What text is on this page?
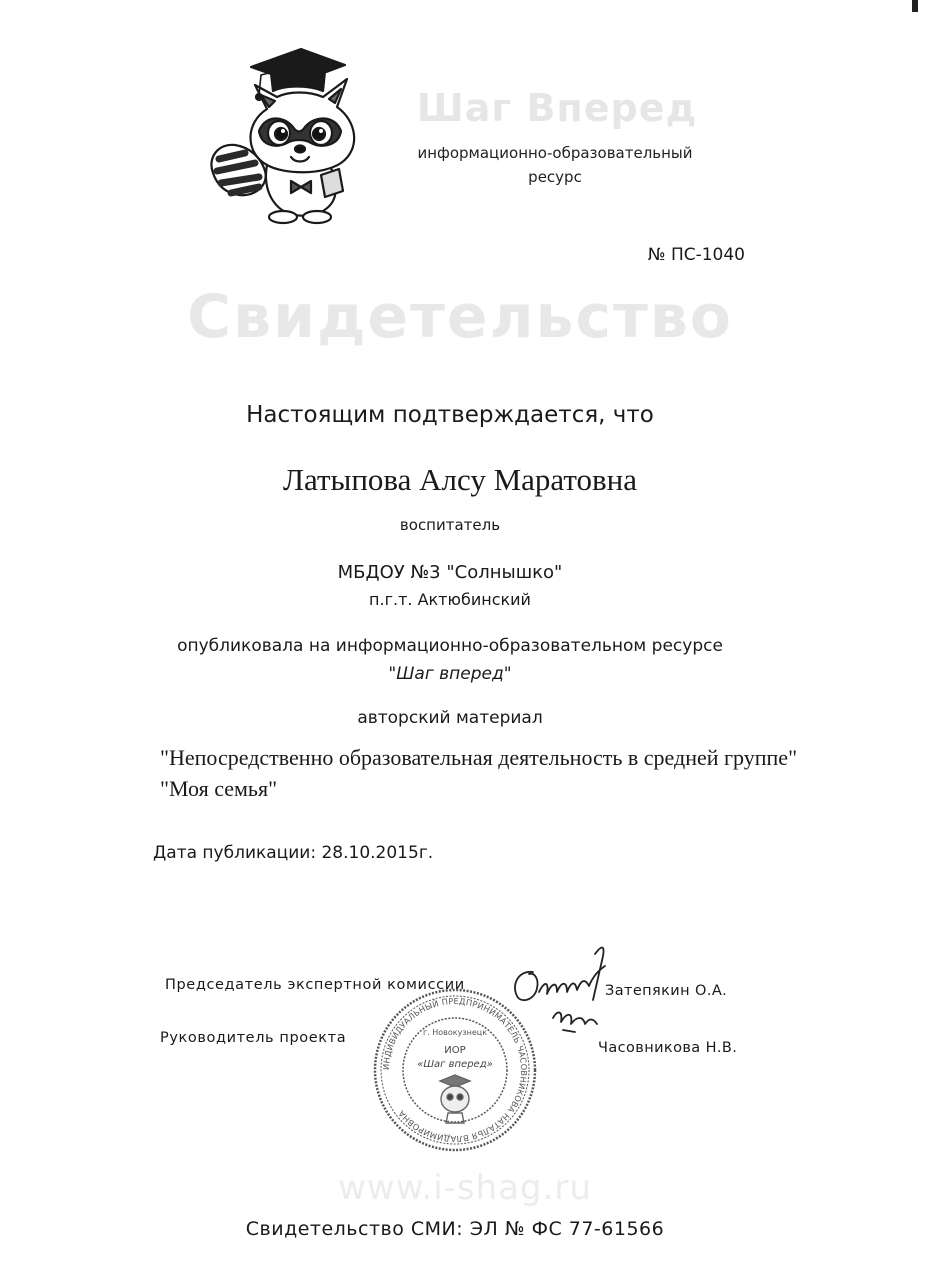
Шаг Вперед
информационно-образовательный
ресурс
№ ПС-1040
Свидетельство
Настоящим подтверждается, что
Латыпова Алсу Маратовна
воспитатель
МБДОУ №3 "Солнышко"
п.г.т. Актюбинский
опубликовала на информационно-образовательном ресурсе
"Шаг вперед"
авторский материал
"Непосредственно образовательная деятельность в средней группе" "Моя семья"
Дата публикации: 28.10.2015г.
Председатель экспертной комиссии	Затепякин О.А.
Руководитель проекта
Часовникова Н.В.
ИНДИВИДУАЛЬНЫЙ ПРЕДПРИНИМАТЕЛЬ ЧАСОВНИКОВА НАТАЛЬЯ ВЛАДИМИРОВНА
г. Новокузнецк
ИОР
«Шаг вперед»
www.i-shag.ru
Свидетельство СМИ: ЭЛ № ФС 77-61566
